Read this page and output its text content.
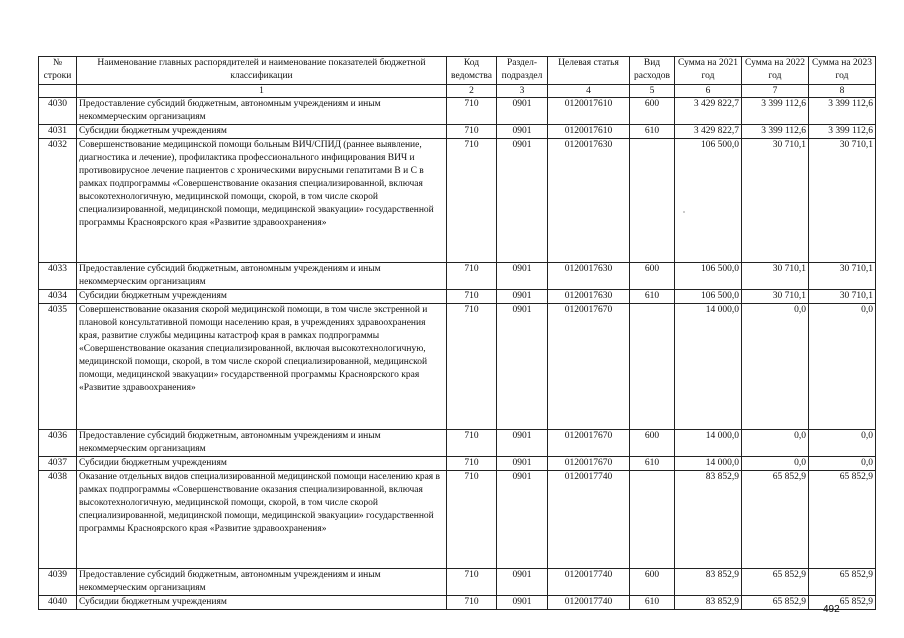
№ строки	Наименование главных распорядителей и наименование показателей бюджетной классификации	Код ведомства	Раздел-подраздел	Целевая статья	Вид расходов	Сумма на 2021 год	Сумма на 2022 год	Сумма на 2023 год
	1	2	3	4	5	6	7	8
4030	Предоставление субсидий бюджетным, автономным учреждениям и иным некоммерческим организациям	710	0901	0120017610	600	3 429 822,7	3 399 112,6	3 399 112,6
4031	Субсидии бюджетным учреждениям	710	0901	0120017610	610	3 429 822,7	3 399 112,6	3 399 112,6
4032	Совершенствование медицинской помощи больным ВИЧ/СПИД (раннее выявление, диагностика и лечение), профилактика профессионального инфицирования ВИЧ и противовирусное лечение пациентов с хроническими вирусными гепатитами В и С в рамках подпрограммы «Совершенствование оказания специализированной, включая высокотехнологичную, медицинской помощи, скорой, в том числе скорой специализированной, медицинской помощи, медицинской эвакуации» государственной программы Красноярского края «Развитие здравоохранения»	710	0901	0120017630		106 500,0	30 710,1	30 710,1
4033	Предоставление субсидий бюджетным, автономным учреждениям и иным некоммерческим организациям	710	0901	0120017630	600	106 500,0	30 710,1	30 710,1
4034	Субсидии бюджетным учреждениям	710	0901	0120017630	610	106 500,0	30 710,1	30 710,1
4035	Совершенствование оказания скорой медицинской помощи, в том числе экстренной и плановой консультативной помощи населению края, в учреждениях здравоохранения края, развитие службы медицины катастроф края в рамках подпрограммы «Совершенствование оказания специализированной, включая высокотехнологичную, медицинской помощи, скорой, в том числе скорой специализированной, медицинской помощи, медицинской эвакуации» государственной программы Красноярского края «Развитие здравоохранения»	710	0901	0120017670		14 000,0	0,0	0,0
4036	Предоставление субсидий бюджетным, автономным учреждениям и иным некоммерческим организациям	710	0901	0120017670	600	14 000,0	0,0	0,0
4037	Субсидии бюджетным учреждениям	710	0901	0120017670	610	14 000,0	0,0	0,0
4038	Оказание отдельных видов специализированной медицинской помощи населению края в рамках подпрограммы «Совершенствование оказания специализированной, включая высокотехнологичную, медицинской помощи, скорой, в том числе скорой специализированной, медицинской помощи, медицинской эвакуации» государственной программы Красноярского края «Развитие здравоохранения»	710	0901	0120017740		83 852,9	65 852,9	65 852,9
4039	Предоставление субсидий бюджетным, автономным учреждениям и иным некоммерческим организациям	710	0901	0120017740	600	83 852,9	65 852,9	65 852,9
4040	Субсидии бюджетным учреждениям	710	0901	0120017740	610	83 852,9	65 852,9	65 852,9
492
